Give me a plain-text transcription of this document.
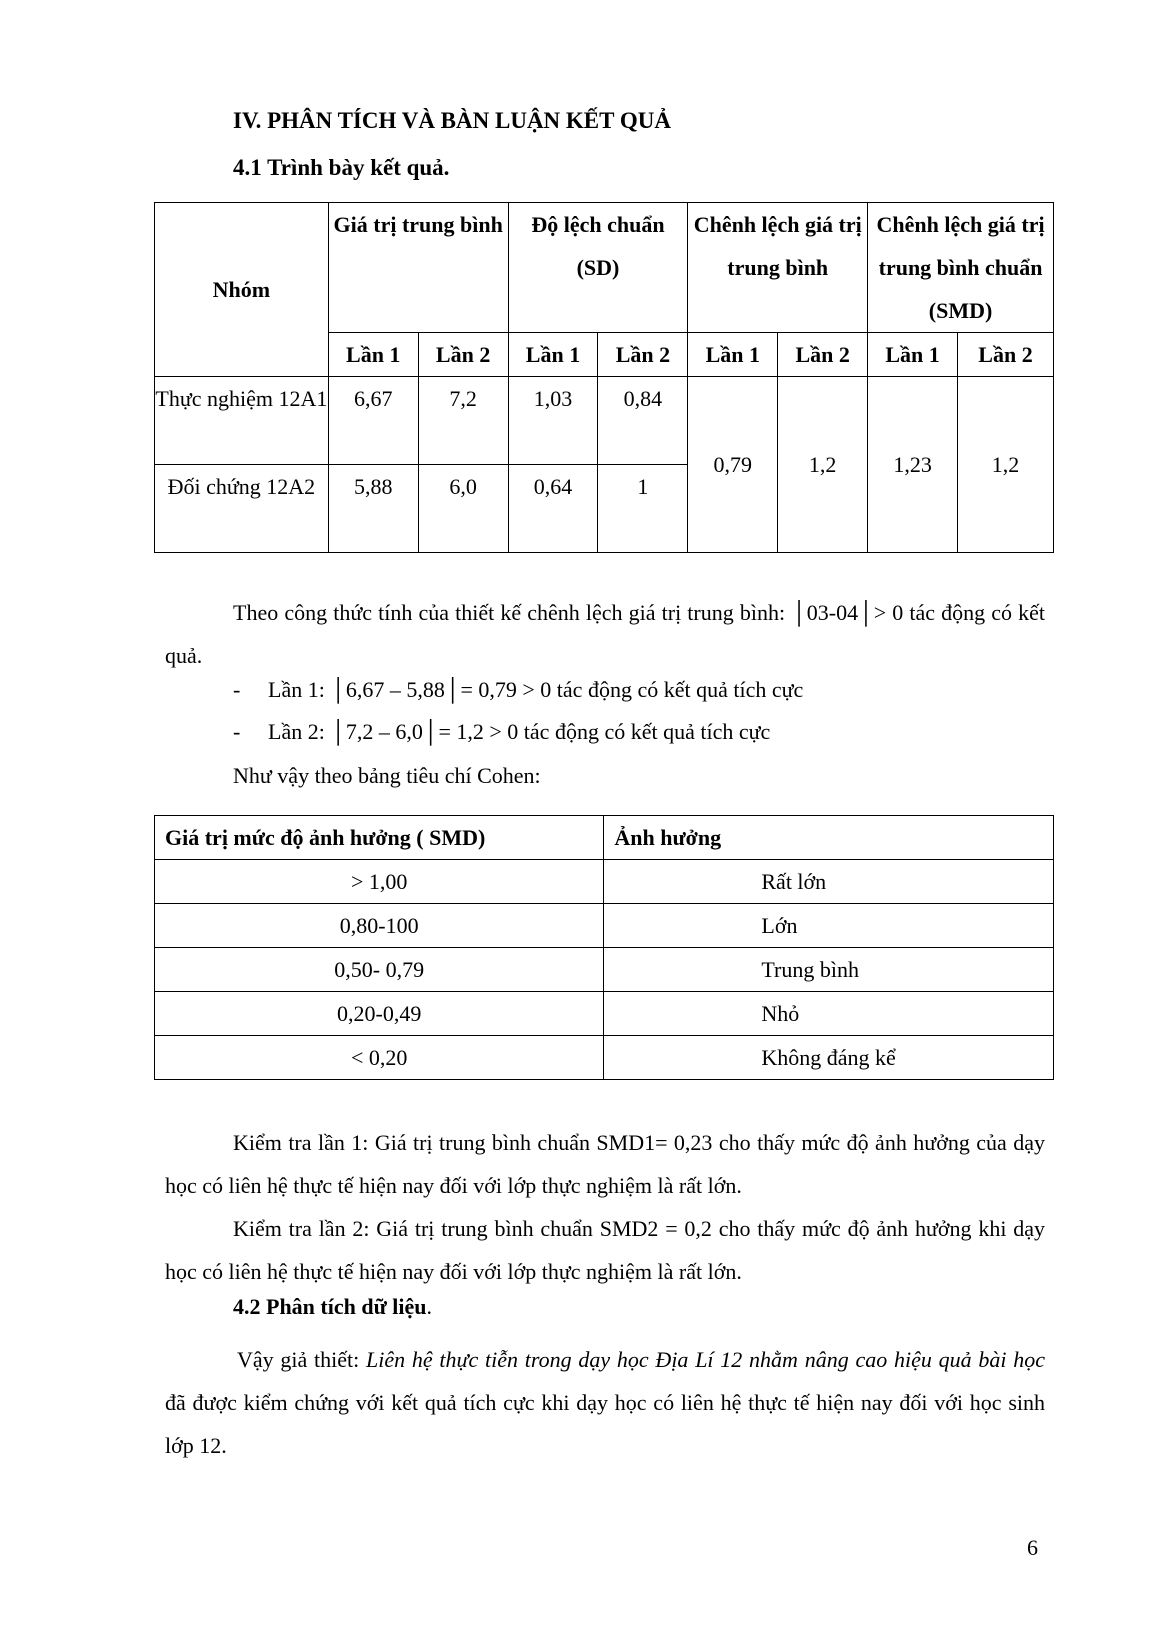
IV. PHÂN TÍCH VÀ BÀN LUẬN KẾT QUẢ
4.1 Trình bày kết quả.
Nhóm	Giá trị trung bình		Độ lệch chuẩn (SD)		Chênh lệch giá trị trung bình		Chênh lệch giá trị trung bình chuẩn (SMD)	
	Lần 1	Lần 2	Lần 1	Lần 2	Lần 1	Lần 2	Lần 1	Lần 2
Thực nghiệm 12A1	6,67	7,2	1,03	0,84	0,79	1,2	1,23	1,2
Đối chứng 12A2	5,88	6,0	0,64	1				
Theo công thức tính của thiết kế chênh lệch giá trị trung bình: │03-04│> 0 tác động có kết quả.
- Lần 1: │6,67 – 5,88│= 0,79 > 0 tác động có kết quả tích cực
- Lần 2: │7,2 – 6,0│= 1,2 > 0 tác động có kết quả tích cực
Như vậy theo bảng tiêu chí Cohen:
Giá trị mức độ ảnh hưởng ( SMD)	Ảnh hưởng
> 1,00	Rất lớn
0,80-100	Lớn
0,50- 0,79	Trung bình
0,20-0,49	Nhỏ
< 0,20	Không đáng kể
Kiểm tra lần 1: Giá trị trung bình chuẩn SMD1= 0,23 cho thấy mức độ ảnh hưởng của dạy học có liên hệ thực tế hiện nay đối với lớp thực nghiệm là rất lớn.
Kiểm tra lần 2: Giá trị trung bình chuẩn SMD2 = 0,2 cho thấy mức độ ảnh hưởng khi dạy học có liên hệ thực tế hiện nay đối với lớp thực nghiệm là rất lớn.
4.2 Phân tích dữ liệu.
Vậy giả thiết: Liên hệ thực tiễn trong dạy học Địa Lí 12 nhằm nâng cao hiệu quả bài học đã được kiểm chứng với kết quả tích cực khi dạy học có liên hệ thực tế hiện nay đối với học sinh lớp 12.
6
